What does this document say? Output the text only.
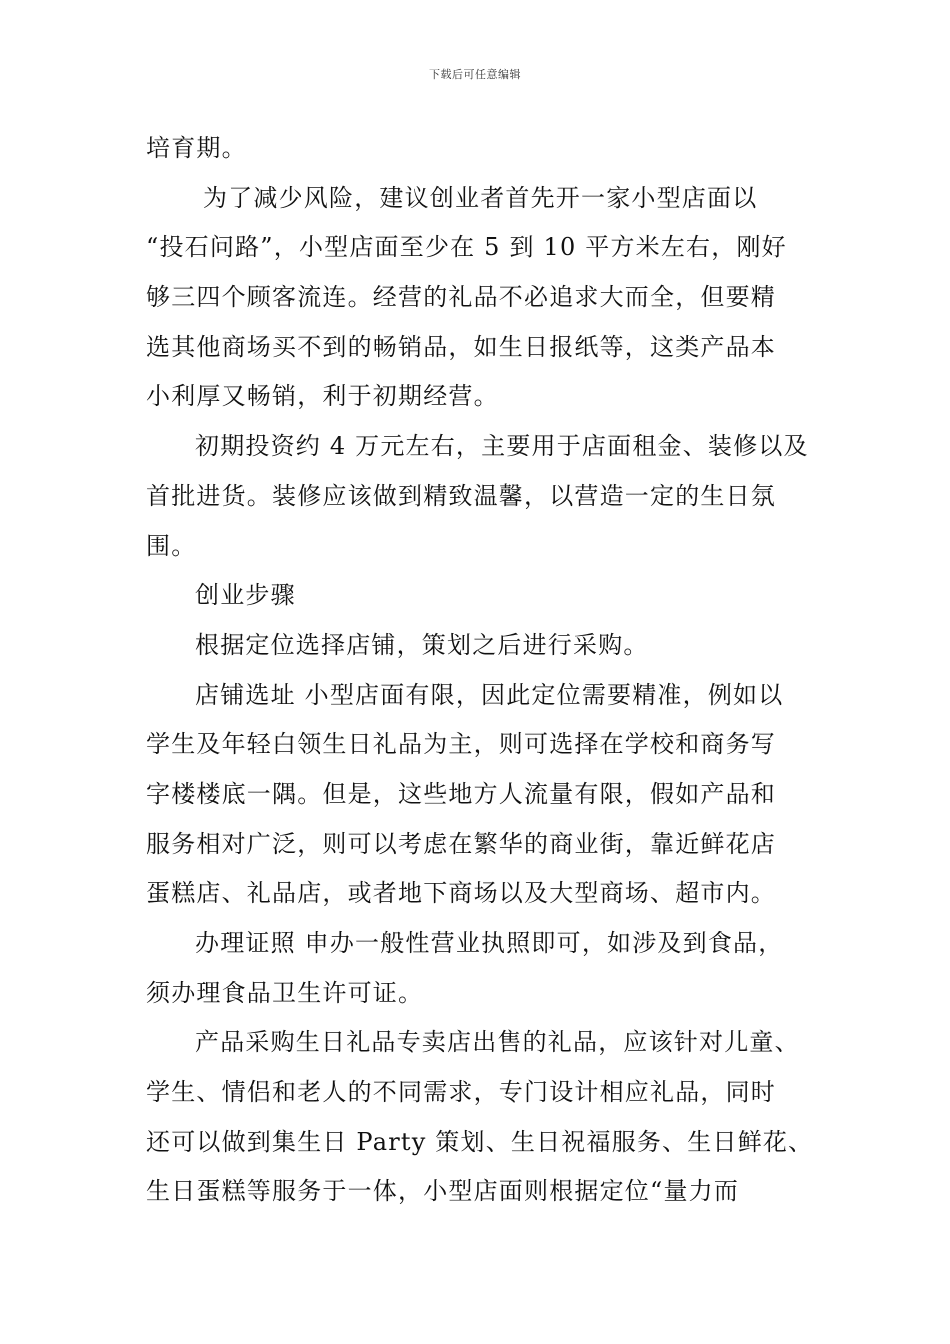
下载后可任意编辑
培育期。
为了减少风险，建议创业者首先开一家小型店面以
“投石问路”，小型店面至少在 5 到 10 平方米左右，刚好
够三四个顾客流连。经营的礼品不必追求大而全，但要精
选其他商场买不到的畅销品，如生日报纸等，这类产品本
小利厚又畅销，利于初期经营。
初期投资约 4 万元左右，主要用于店面租金、装修以及
首批进货。装修应该做到精致温馨，以营造一定的生日氛
围。
创业步骤
根据定位选择店铺，策划之后进行采购。
店铺选址 小型店面有限，因此定位需要精准，例如以
学生及年轻白领生日礼品为主，则可选择在学校和商务写
字楼楼底一隅。但是，这些地方人流量有限，假如产品和
服务相对广泛，则可以考虑在繁华的商业街，靠近鲜花店
蛋糕店、礼品店，或者地下商场以及大型商场、超市内。
办理证照 申办一般性营业执照即可，如涉及到食品，
须办理食品卫生许可证。
产品采购生日礼品专卖店出售的礼品，应该针对儿童、
学生、情侣和老人的不同需求，专门设计相应礼品，同时
还可以做到集生日 Party 策划、生日祝福服务、生日鲜花、
生日蛋糕等服务于一体，小型店面则根据定位“量力而
